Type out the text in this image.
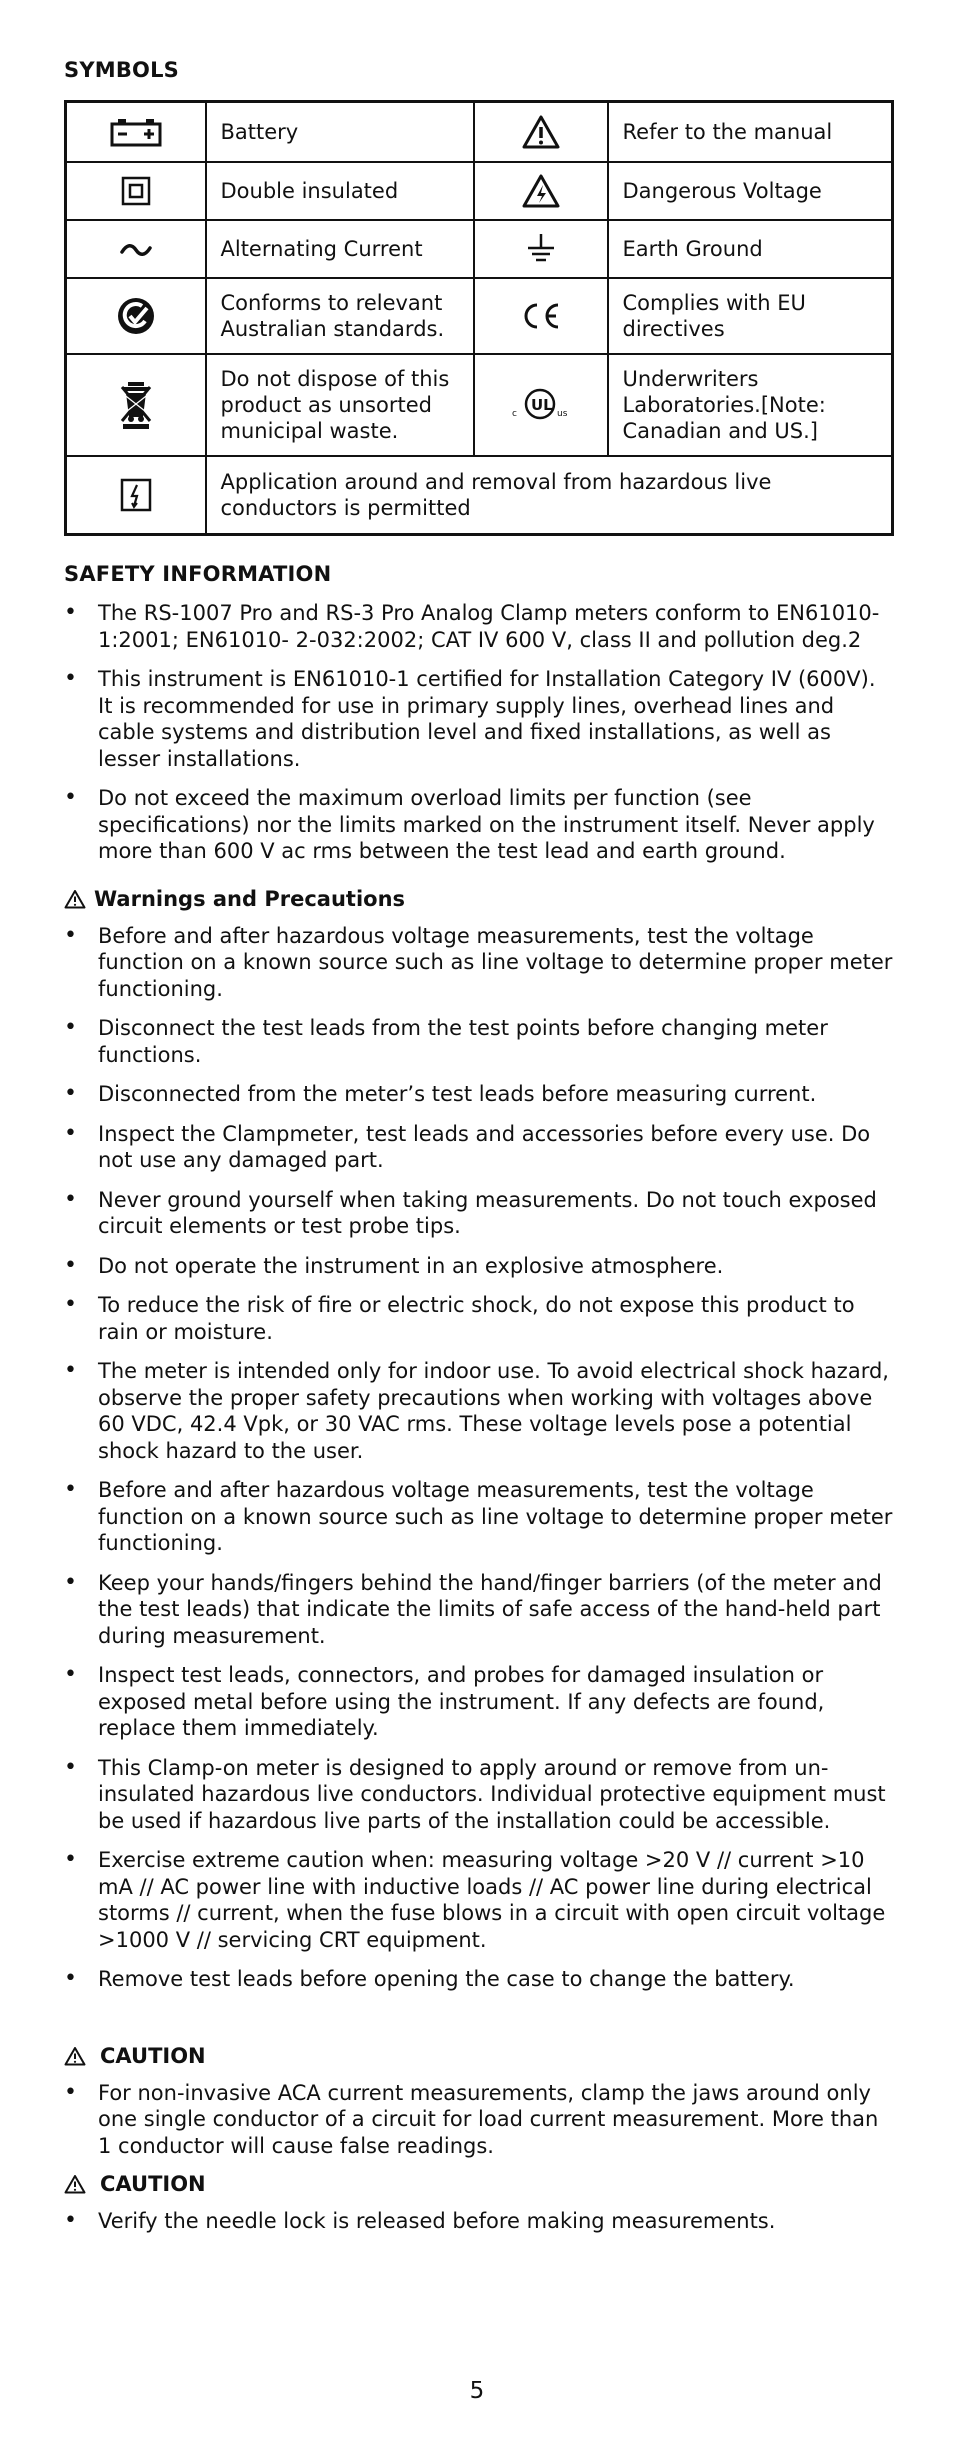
SYMBOLS
	Battery		Refer to the manual
	Double insulated		Dangerous Voltage
	Alternating Current		Earth Ground
	Conforms to relevant Australian standards.		Complies with EU directives
	Do not dispose of this product as unsorted municipal waste.	c UL us	Underwriters Laboratories.[Note: Canadian and US.]
	Application around and removal from hazardous live conductors is permitted		
SAFETY INFORMATION
• The RS-1007 Pro and RS-3 Pro Analog Clamp meters conform to EN61010-1:2001; EN61010- 2-032:2002; CAT IV 600 V, class II and pollution deg.2
• This instrument is EN61010-1 certified for Installation Category IV (600V). It is recommended for use in primary supply lines, overhead lines and cable systems and distribution level and fixed installations, as well as lesser installations.
• Do not exceed the maximum overload limits per function (see specifications) nor the limits marked on the instrument itself. Never apply more than 600 V ac rms between the test lead and earth ground.
Warnings and Precautions
• Before and after hazardous voltage measurements, test the voltage function on a known source such as line voltage to determine proper meter functioning.
• Disconnect the test leads from the test points before changing meter functions.
• Disconnected from the meter’s test leads before measuring current.
• Inspect the Clampmeter, test leads and accessories before every use. Do not use any damaged part.
• Never ground yourself when taking measurements. Do not touch exposed circuit elements or test probe tips.
• Do not operate the instrument in an explosive atmosphere.
• To reduce the risk of fire or electric shock, do not expose this product to rain or moisture.
• The meter is intended only for indoor use. To avoid electrical shock hazard, observe the proper safety precautions when working with voltages above 60 VDC, 42.4 Vpk, or 30 VAC rms. These voltage levels pose a potential shock hazard to the user.
• Before and after hazardous voltage measurements, test the voltage function on a known source such as line voltage to determine proper meter functioning.
• Keep your hands/fingers behind the hand/finger barriers (of the meter and the test leads) that indicate the limits of safe access of the hand-held part during measurement.
• Inspect test leads, connectors, and probes for damaged insulation or exposed metal before using the instrument. If any defects are found, replace them immediately.
• This Clamp-on meter is designed to apply around or remove from un-insulated hazardous live conductors. Individual protective equipment must be used if hazardous live parts of the installation could be accessible.
• Exercise extreme caution when: measuring voltage >20 V // current >10 mA // AC power line with inductive loads // AC power line during electrical storms // current, when the fuse blows in a circuit with open circuit voltage >1000 V // servicing CRT equipment.
• Remove test leads before opening the case to change the battery.
CAUTION
• For non-invasive ACA current measurements, clamp the jaws around only one single conductor of a circuit for load current measurement. More than 1 conductor will cause false readings.
CAUTION
• Verify the needle lock is released before making measurements.
5
